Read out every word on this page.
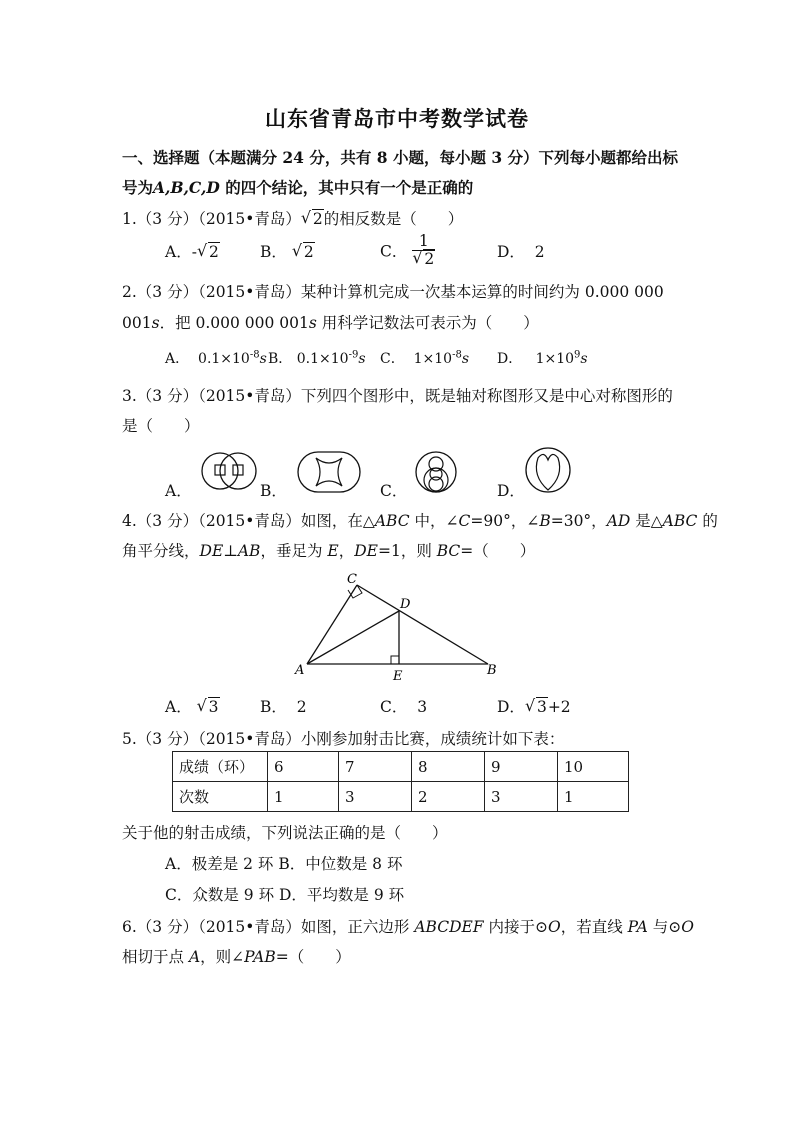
山东省青岛市中考数学试卷
一、选择题（本题满分 24 分，共有 8 小题，每小题 3 分）下列每小题都给出标
号为A,B,C,D 的四个结论，其中只有一个是正确的
1.（3 分）（2015•青岛） √ 2的相反数是（　　）
A．- √ 2	B． √ 2	C． 1
√ 2	D． 2
2.（3 分）（2015•青岛）某种计算机完成一次基本运算的时间约为 0.000 000
001s．把 0.000 000 001s 用科学记数法可表示为（　　）
A． $0.1\times 10^{-8}s$ B． $0.1\times 10^{-9}s$ C． $1\times 10^{-8}s$ D． $1\times 10^9s$
3.（3 分）（2015•青岛）下列四个图形中，既是轴对称图形又是中心对称图形的
是（　　）
A．	B．	C．	D．
4.（3 分）（2015•青岛）如图，在△ABC 中，∠C=90°，∠B=30°，AD 是△ABC 的
角平分线，DE⊥AB，垂足为 E，DE=1，则 BC=（　　）
C
D
A	B
E
A． √ 3	B． 2	C． 3	D． √ 3+2
5.（3 分）（2015•青岛）小刚参加射击比赛，成绩统计如下表：
成绩（环）	6	7	8	9	10
次数	1	3	2	3	1
关于他的射击成绩，下列说法正确的是（　　）
A．极差是 2 环 B．中位数是 8 环
C．众数是 9 环 D．平均数是 9 环
6.（3 分）（2015•青岛）如图，正六边形 ABCDEF 内接于⊙O，若直线 PA 与⊙O
相切于点 A，则∠PAB=（　　）
